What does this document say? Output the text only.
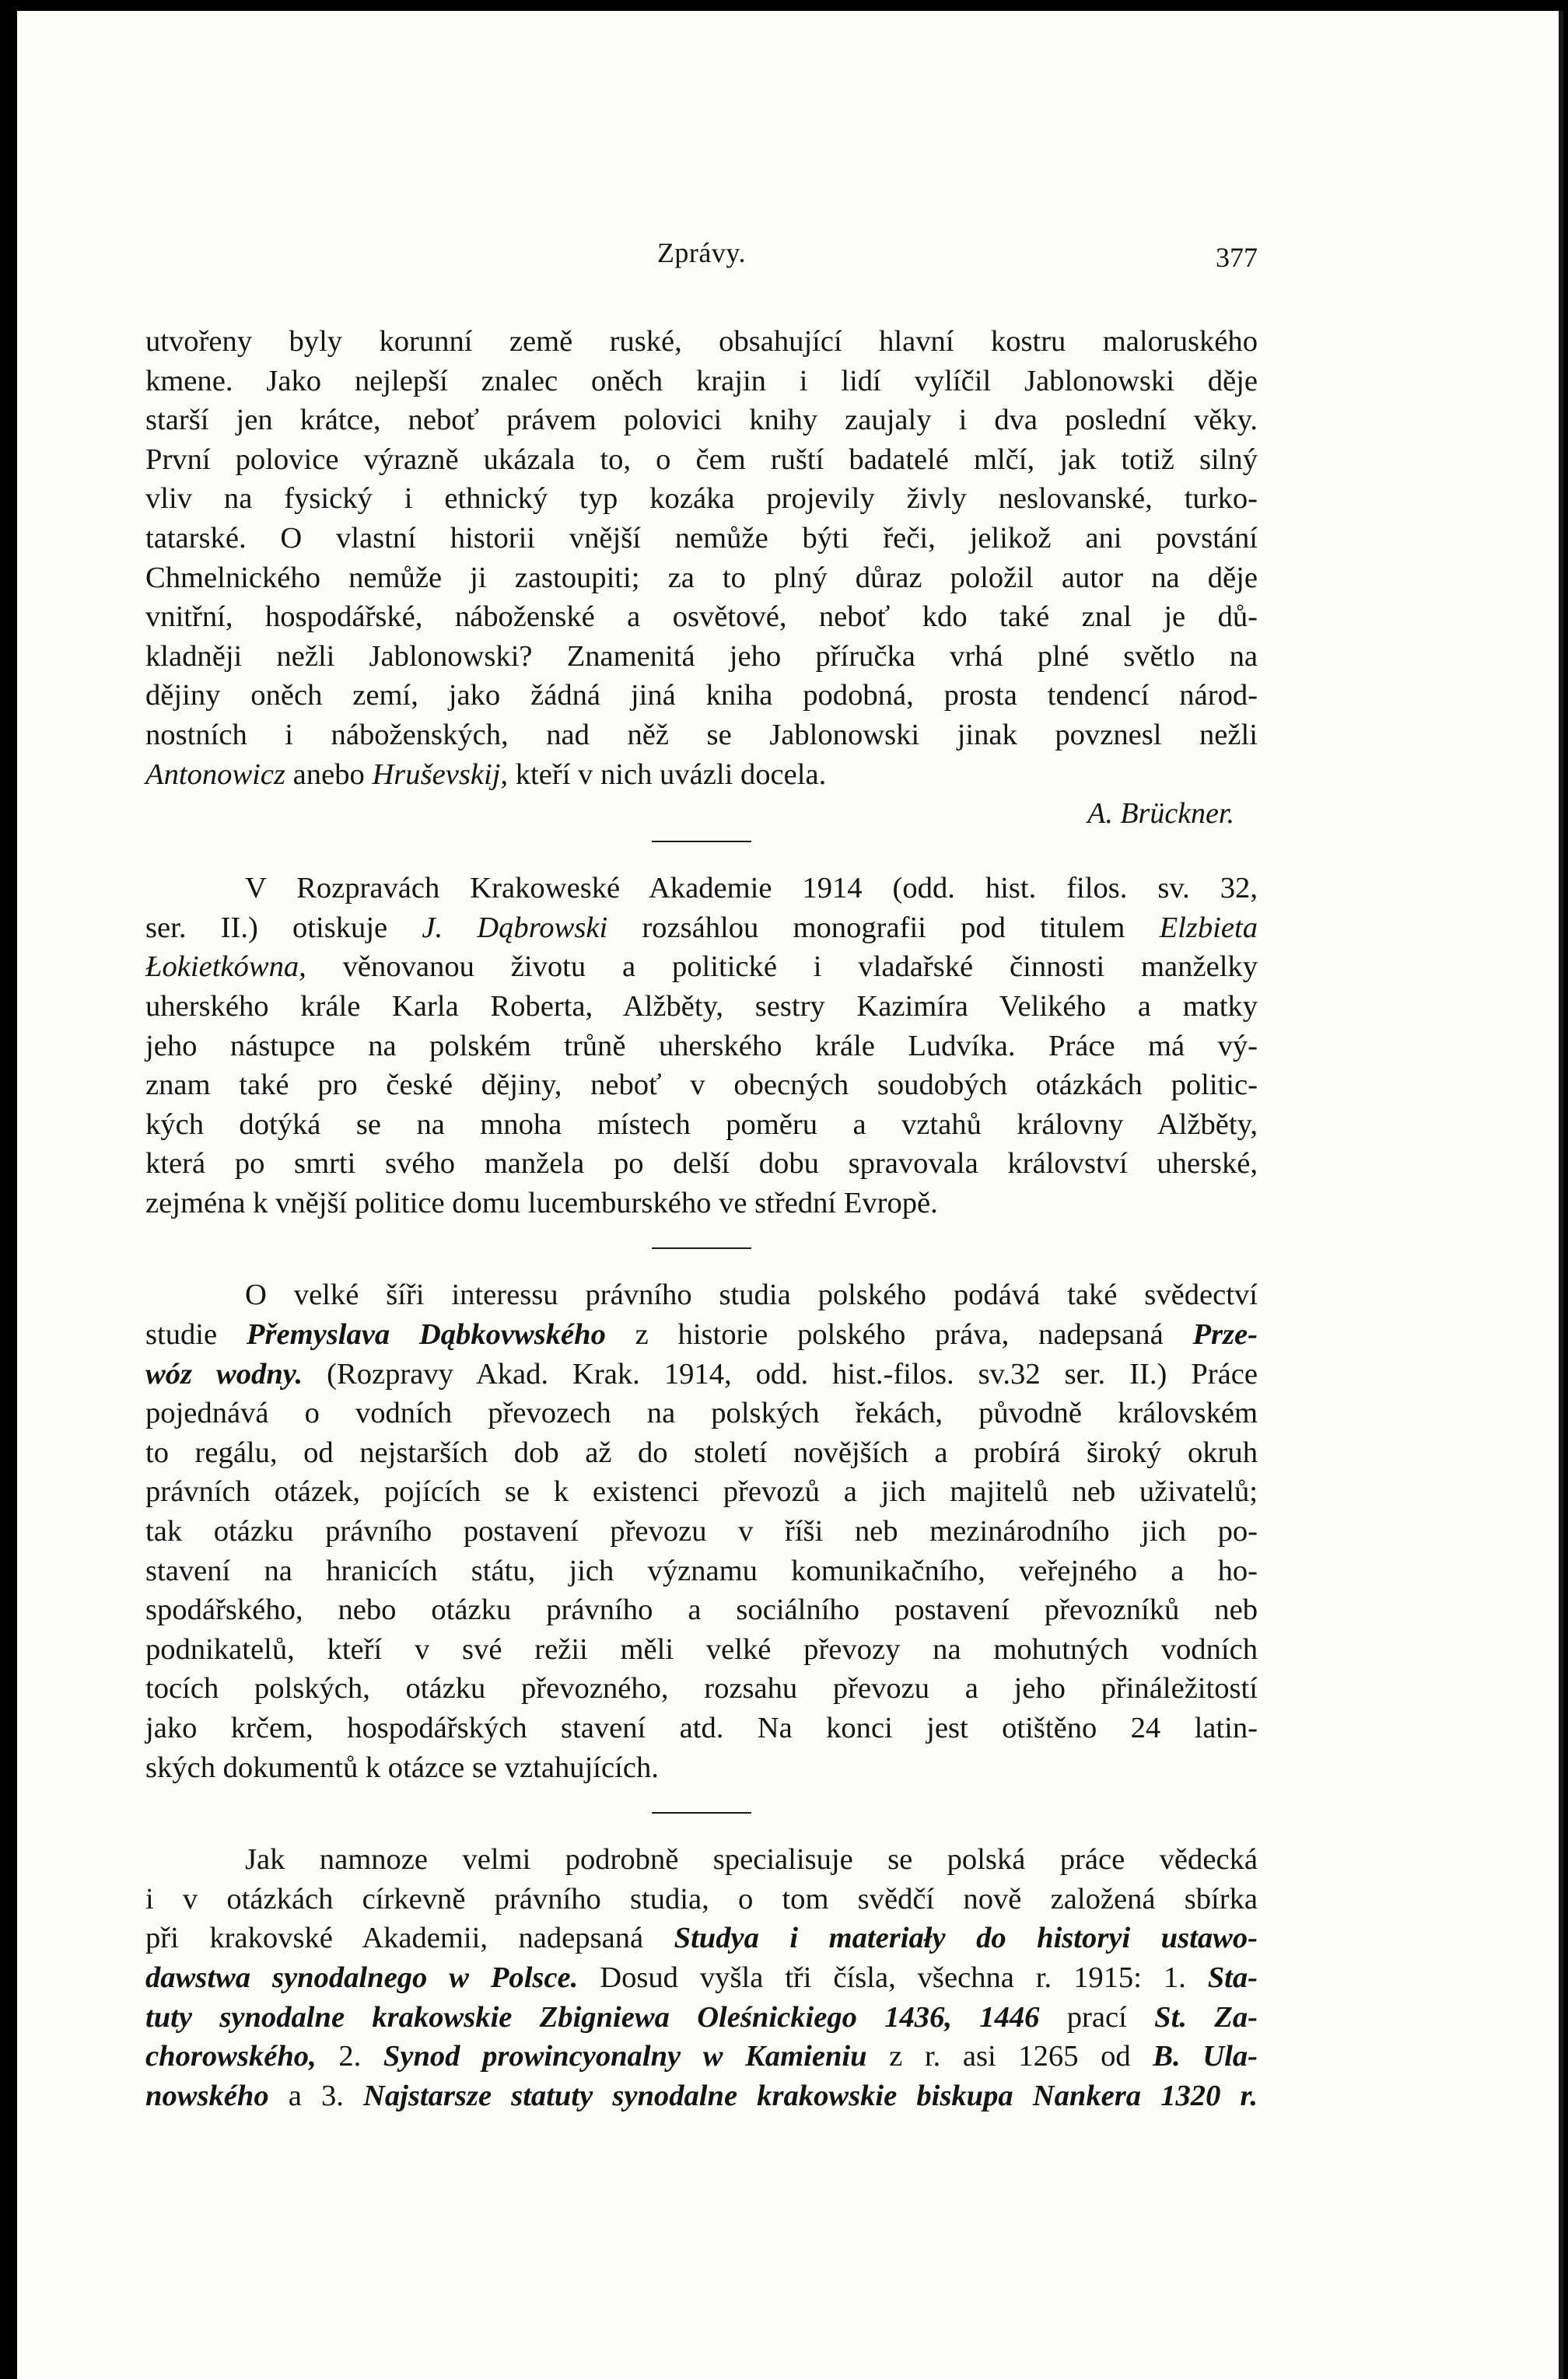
Zprávy.	377

utvořeny byly korunní země ruské, obsahující hlavní kostru maloruského

kmene. Jako nejlepší znalec oněch krajin i lidí vylíčil Jablonowski děje

starší jen krátce, neboť právem polovici knihy zaujaly i dva poslední věky.

První polovice výrazně ukázala to, o čem ruští badatelé mlčí, jak totiž silný

vliv na fysický i ethnický typ kozáka projevily živly neslovanské, turko-

tatarské. O vlastní historii vnější nemůže býti řeči, jelikož ani povstání

Chmelnického nemůže ji zastoupiti; za to plný důraz položil autor na děje

vnitřní, hospodářské, náboženské a osvětové, neboť kdo také znal je dů-

kladněji nežli Jablonowski? Znamenitá jeho příručka vrhá plné světlo na

dějiny oněch zemí, jako žádná jiná kniha podobná, prosta tendencí národ-

nostních i náboženských, nad něž se Jablonowski jinak povznesl nežli

Antonowicz anebo Hruševskij, kteří v nich uvázli docela.

A. Brückner.

V Rozpravách Krakoweské Akademie 1914 (odd. hist. filos. sv. 32,

ser. II.) otiskuje J. Dąbrowski rozsáhlou monografii pod titulem Elzbieta

Łokietkówna, věnovanou životu a politické i vladařské činnosti manželky

uherského krále Karla Roberta, Alžběty, sestry Kazimíra Velikého a matky

jeho nástupce na polském trůně uherského krále Ludvíka. Práce má vý-

znam také pro české dějiny, neboť v obecných soudobých otázkách politic-

kých dotýká se na mnoha místech poměru a vztahů královny Alžběty,

která po smrti svého manžela po delší dobu spravovala království uherské,

zejména k vnější politice domu lucemburského ve střední Evropě.

O velké šíři interessu právního studia polského podává také svědectví

studie Přemyslava Dąbkovwského z historie polského práva, nadepsaná Prze-

wóz wodny. (Rozpravy Akad. Krak. 1914, odd. hist.-filos. sv.32 ser. II.) Práce

pojednává o vodních převozech na polských řekách, původně královském

to regálu, od nejstarších dob až do století novějších a probírá široký okruh

právních otázek, pojících se k existenci převozů a jich majitelů neb uživatelů;

tak otázku právního postavení převozu v říši neb mezinárodního jich po-

stavení na hranicích státu, jich významu komunikačního, veřejného a ho-

spodářského, nebo otázku právního a sociálního postavení převozníků neb

podnikatelů, kteří v své režii měli velké převozy na mohutných vodních

tocích polských, otázku převozného, rozsahu převozu a jeho přináležitostí

jako krčem, hospodářských stavení atd. Na konci jest otištěno 24 latin-

ských dokumentů k otázce se vztahujících.

Jak namnoze velmi podrobně specialisuje se polská práce vědecká

i v otázkách církevně právního studia, o tom svědčí nově založená sbírka

při krakovské Akademii, nadepsaná Studya i materiały do historyi ustawo-

dawstwa synodalnego w Polsce. Dosud vyšla tři čísla, všechna r. 1915: 1. Sta-

tuty synodalne krakowskie Zbigniewa Oleśnickiego 1436, 1446 prací St. Za-

chorowského, 2. Synod prowincyonalny w Kamieniu z r. asi 1265 od B. Ula-

nowského a 3. Najstarsze statuty synodalne krakowskie biskupa Nankera 1320 r.
